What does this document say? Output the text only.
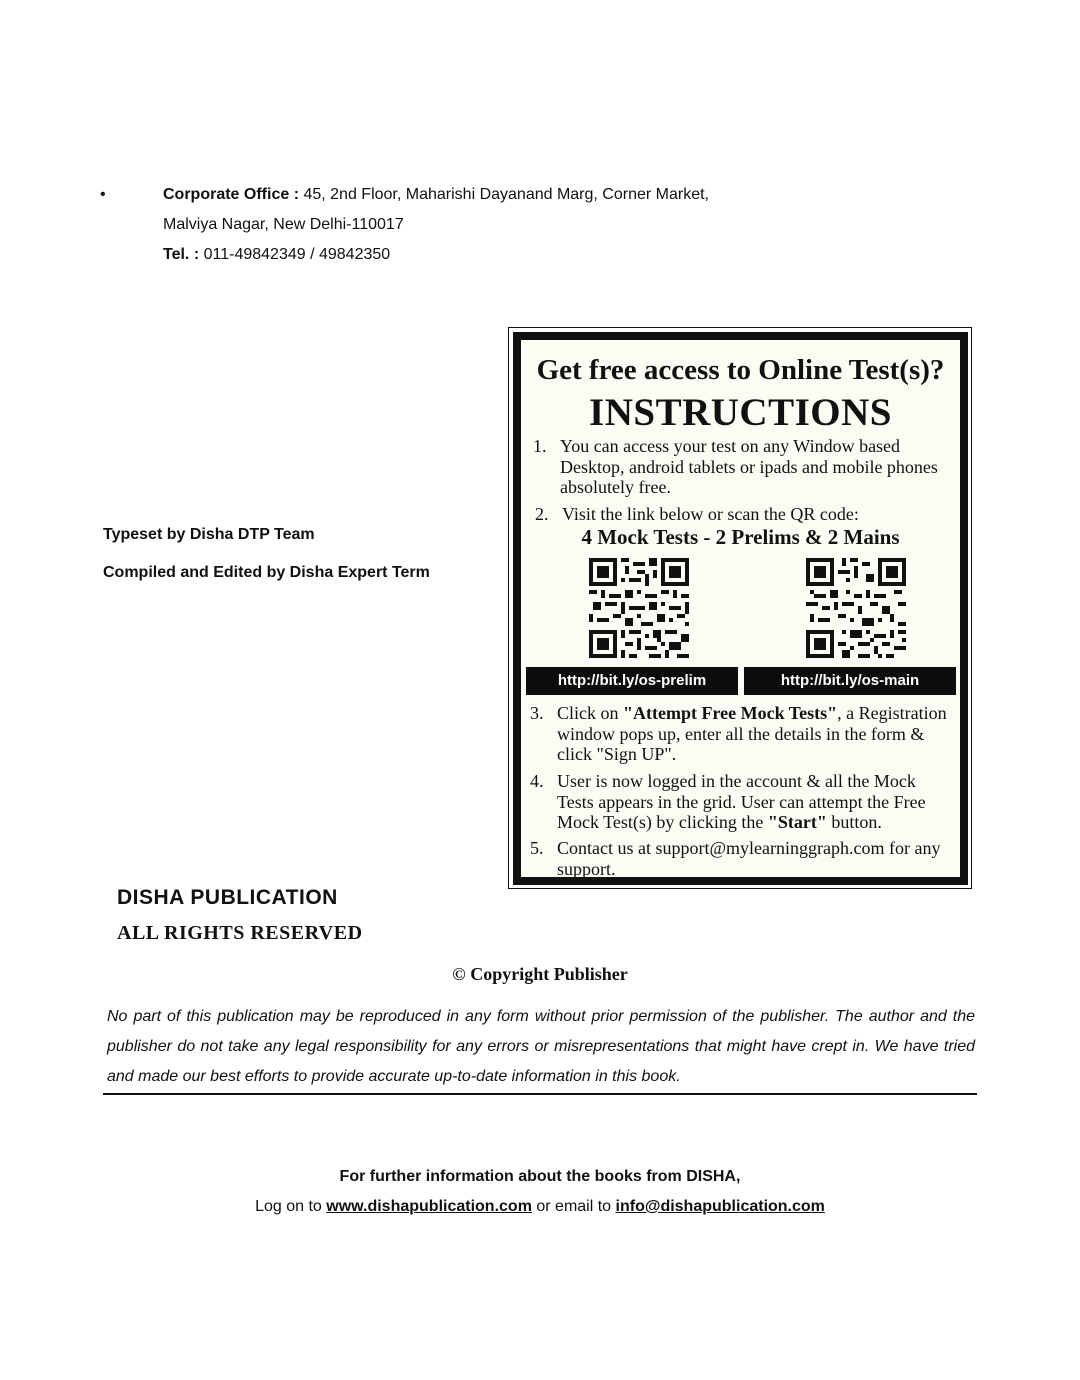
•	Corporate Office : 45, 2nd Floor, Maharishi Dayanand Marg, Corner Market,
Malviya Nagar, New Delhi-110017
Tel. : 011-49842349 / 49842350
Typeset by Disha DTP Team
Compiled and Edited by Disha Expert Term
Get free access to Online Test(s)?
INSTRUCTIONS
1. You can access your test on any Window based Desktop, android tablets or ipads and mobile phones absolutely free.
2. Visit the link below or scan the QR code:
4 Mock Tests - 2 Prelims & 2 Mains
http://bit.ly/os-prelim	http://bit.ly/os-main
3. Click on "Attempt Free Mock Tests", a Registration window pops up, enter all the details in the form & click "Sign UP".
4. User is now logged in the account & all the Mock Tests appears in the grid. User can attempt the Free Mock Test(s) by clicking the "Start" button.
5. Contact us at support@mylearninggraph.com for any support.
DISHA PUBLICATION
ALL RIGHTS RESERVED
© Copyright Publisher
No part of this publication may be reproduced in any form without prior permission of the publisher. The author and the publisher do not take any legal responsibility for any errors or misrepresentations that might have crept in. We have tried and made our best efforts to provide accurate up-to-date information in this book.
For further information about the books from DISHA,
Log on to www.dishapublication.com or email to info@dishapublication.com
